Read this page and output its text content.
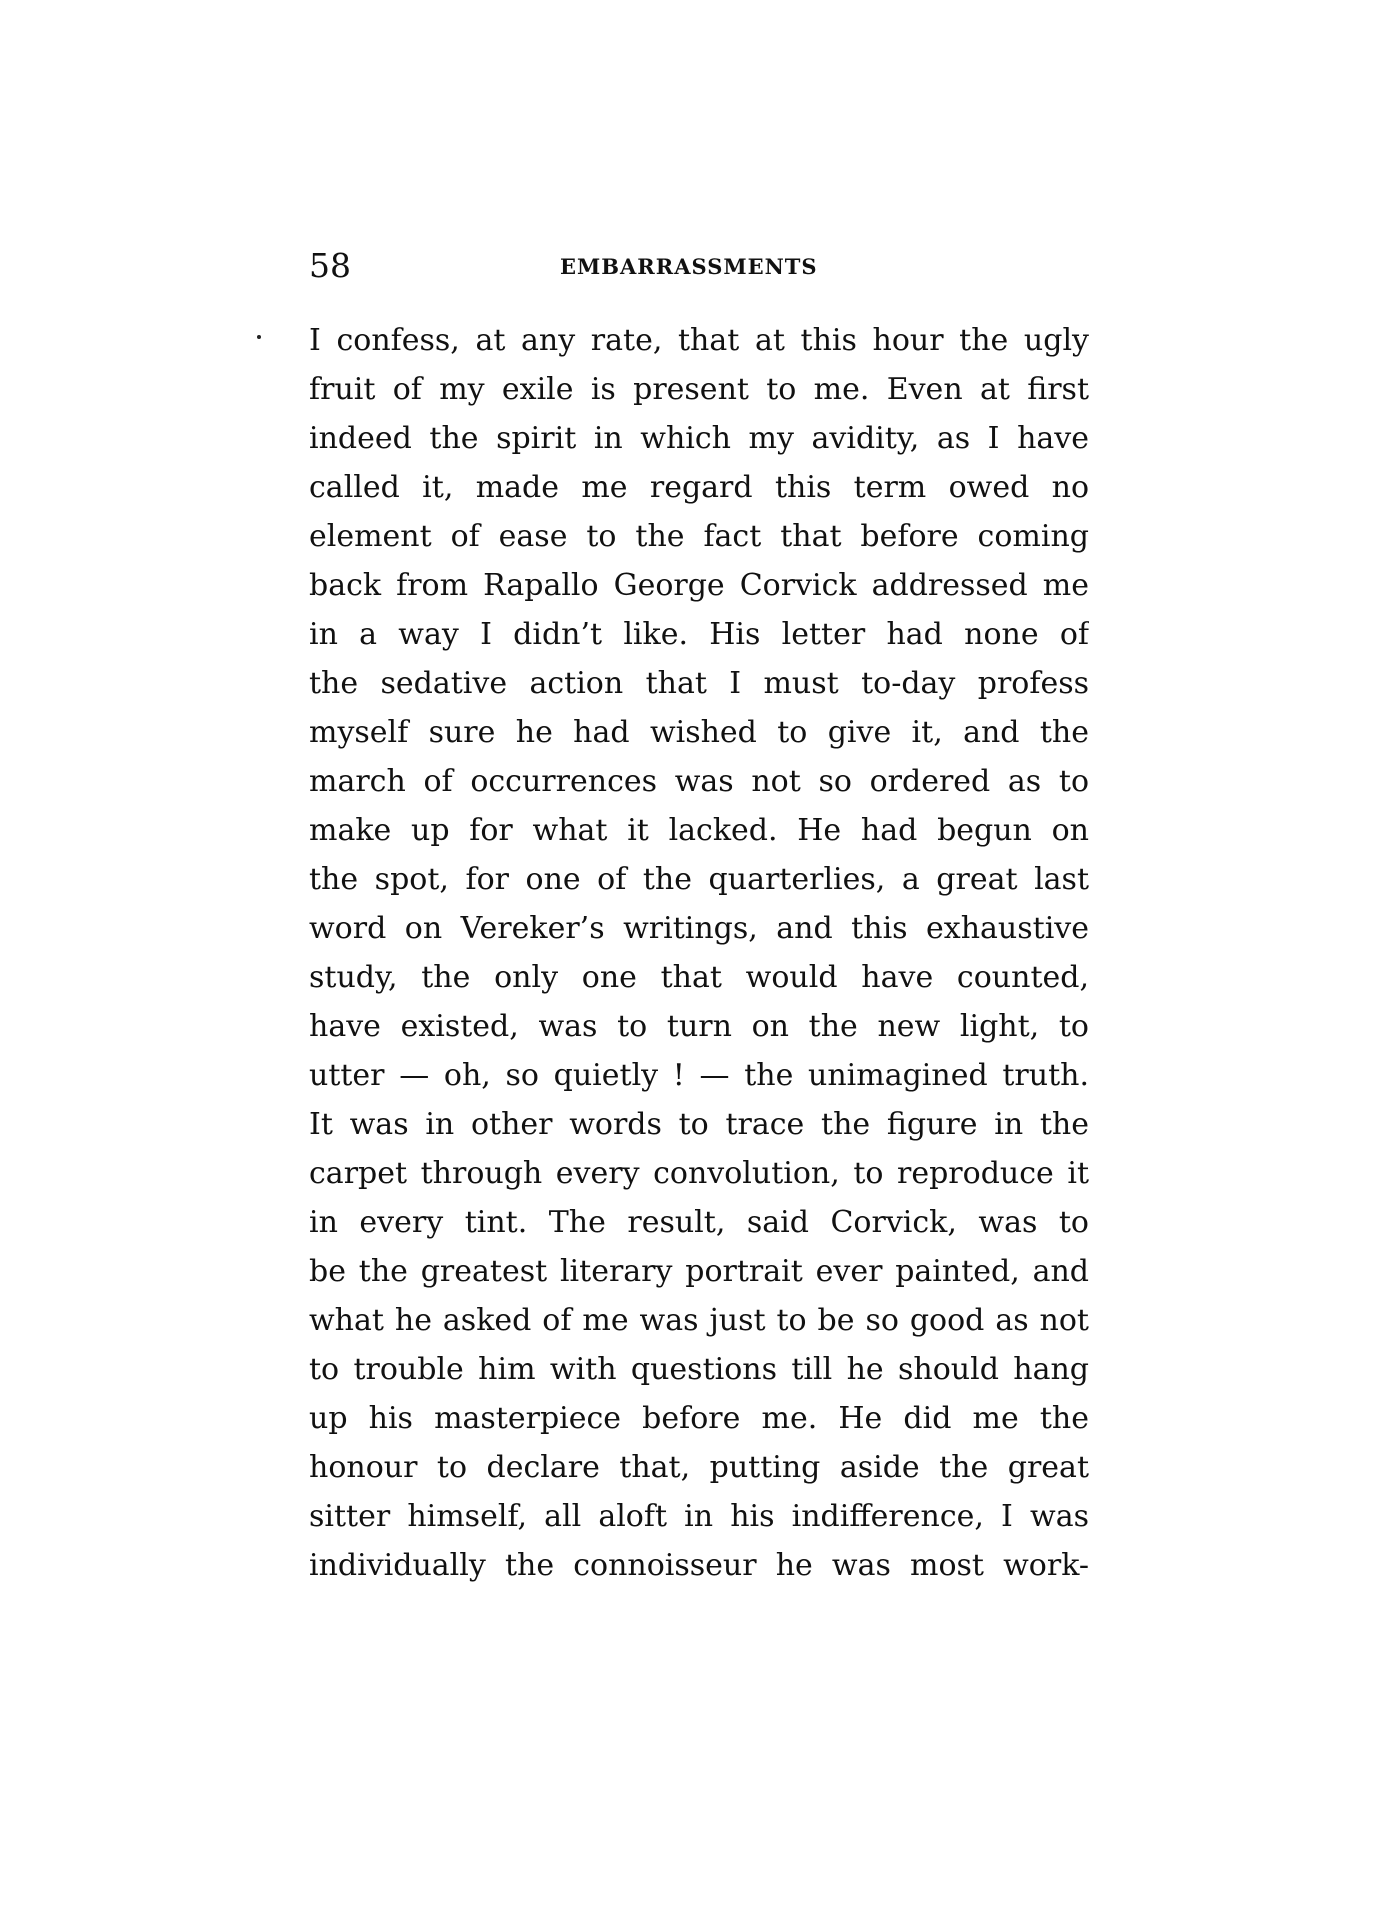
58	EMBARRASSMENTS
I confess, at any rate, that at this hour the ugly
fruit of my exile is present to me. Even at first
indeed the spirit in which my avidity, as I have
called it, made me regard this term owed no
element of ease to the fact that before coming
back from Rapallo George Corvick addressed me
in a way I didn’t like. His letter had none of
the sedative action that I must to-day profess
myself sure he had wished to give it, and the
march of occurrences was not so ordered as to
make up for what it lacked. He had begun on
the spot, for one of the quarterlies, a great last
word on Vereker’s writings, and this exhaustive
study, the only one that would have counted,
have existed, was to turn on the new light, to
utter — oh, so quietly ! — the unimagined truth.
It was in other words to trace the figure in the
carpet through every convolution, to reproduce it
in every tint. The result, said Corvick, was to
be the greatest literary portrait ever painted, and
what he asked of me was just to be so good as not
to trouble him with questions till he should hang
up his masterpiece before me. He did me the
honour to declare that, putting aside the great
sitter himself, all aloft in his indifference, I was
individually the connoisseur he was most work-
